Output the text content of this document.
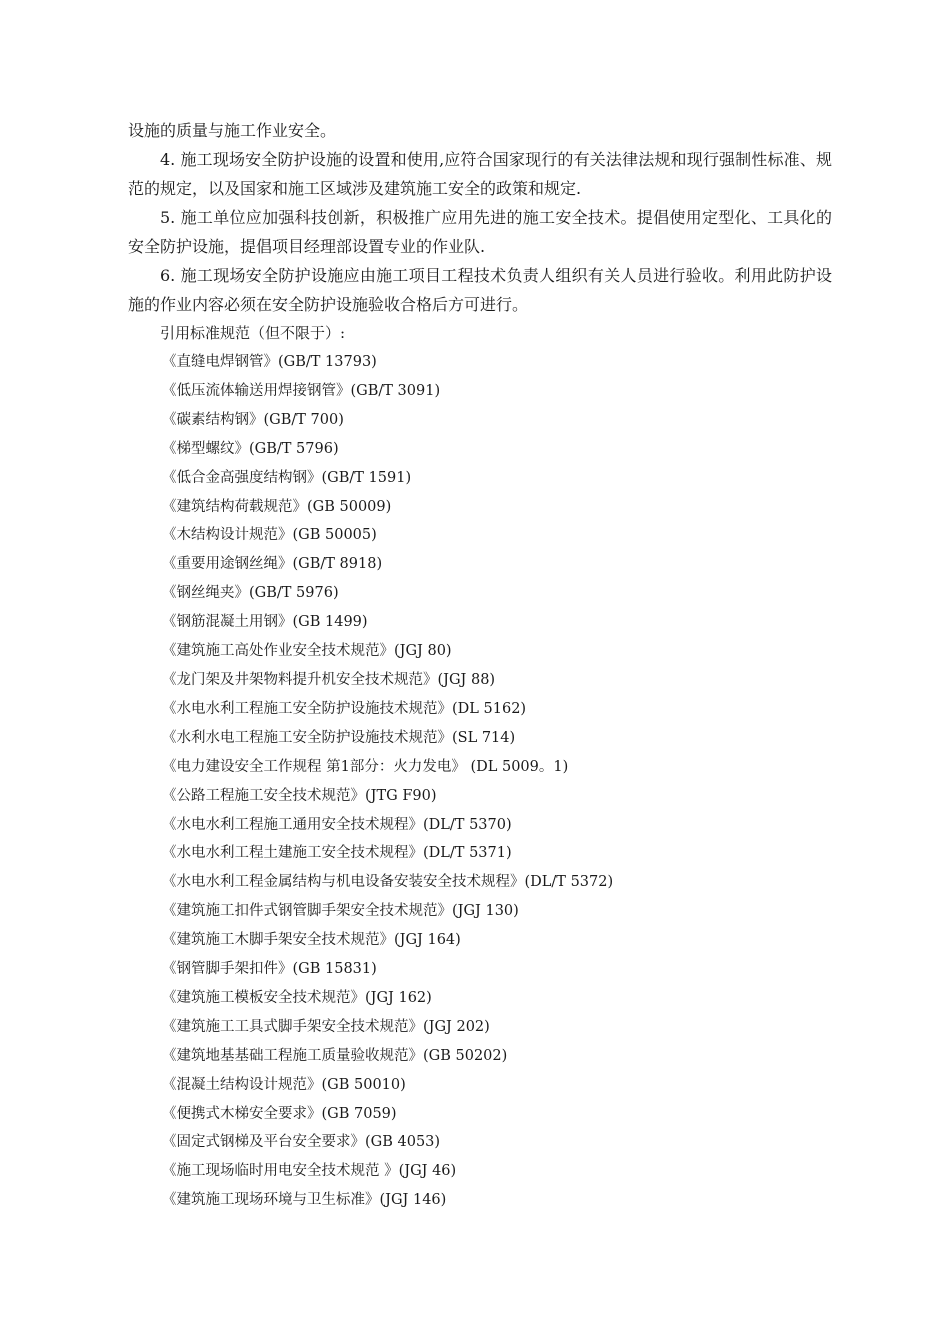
设施的质量与施工作业安全。

4. 施工现场安全防护设施的设置和使用,应符合国家现行的有关法律法规和现行强制性标准、规范的规定，以及国家和施工区域涉及建筑施工安全的政策和规定.

5. 施工单位应加强科技创新，积极推广应用先进的施工安全技术。提倡使用定型化、工具化的安全防护设施，提倡项目经理部设置专业的作业队.

6. 施工现场安全防护设施应由施工项目工程技术负责人组织有关人员进行验收。利用此防护设施的作业内容必须在安全防护设施验收合格后方可进行。

引用标准规范（但不限于）:

《直缝电焊钢管》(GB/T 13793)
《低压流体输送用焊接钢管》(GB/T 3091)
《碳素结构钢》(GB/T 700)
《梯型螺纹》(GB/T 5796)
《低合金高强度结构钢》(GB/T 1591)
《建筑结构荷载规范》(GB 50009)
《木结构设计规范》(GB 50005)
《重要用途钢丝绳》(GB/T 8918)
《钢丝绳夹》(GB/T 5976)
《钢筋混凝土用钢》(GB 1499)
《建筑施工高处作业安全技术规范》(JGJ 80)
《龙门架及井架物料提升机安全技术规范》(JGJ 88)
《水电水利工程施工安全防护设施技术规范》(DL 5162)
《水利水电工程施工安全防护设施技术规范》(SL 714)
《电力建设安全工作规程 第1部分：火力发电》 (DL 5009。1)
《公路工程施工安全技术规范》(JTG F90)
《水电水利工程施工通用安全技术规程》(DL/T 5370)
《水电水利工程土建施工安全技术规程》(DL/T 5371)
《水电水利工程金属结构与机电设备安装安全技术规程》(DL/T 5372)
《建筑施工扣件式钢管脚手架安全技术规范》(JGJ 130)
《建筑施工木脚手架安全技术规范》(JGJ 164)
《钢管脚手架扣件》(GB 15831)
《建筑施工模板安全技术规范》(JGJ 162)
《建筑施工工具式脚手架安全技术规范》(JGJ 202)
《建筑地基基础工程施工质量验收规范》(GB 50202)
《混凝土结构设计规范》(GB 50010)
《便携式木梯安全要求》(GB 7059)
《固定式钢梯及平台安全要求》(GB 4053)
《施工现场临时用电安全技术规范 》(JGJ 46)
《建筑施工现场环境与卫生标准》(JGJ 146)
